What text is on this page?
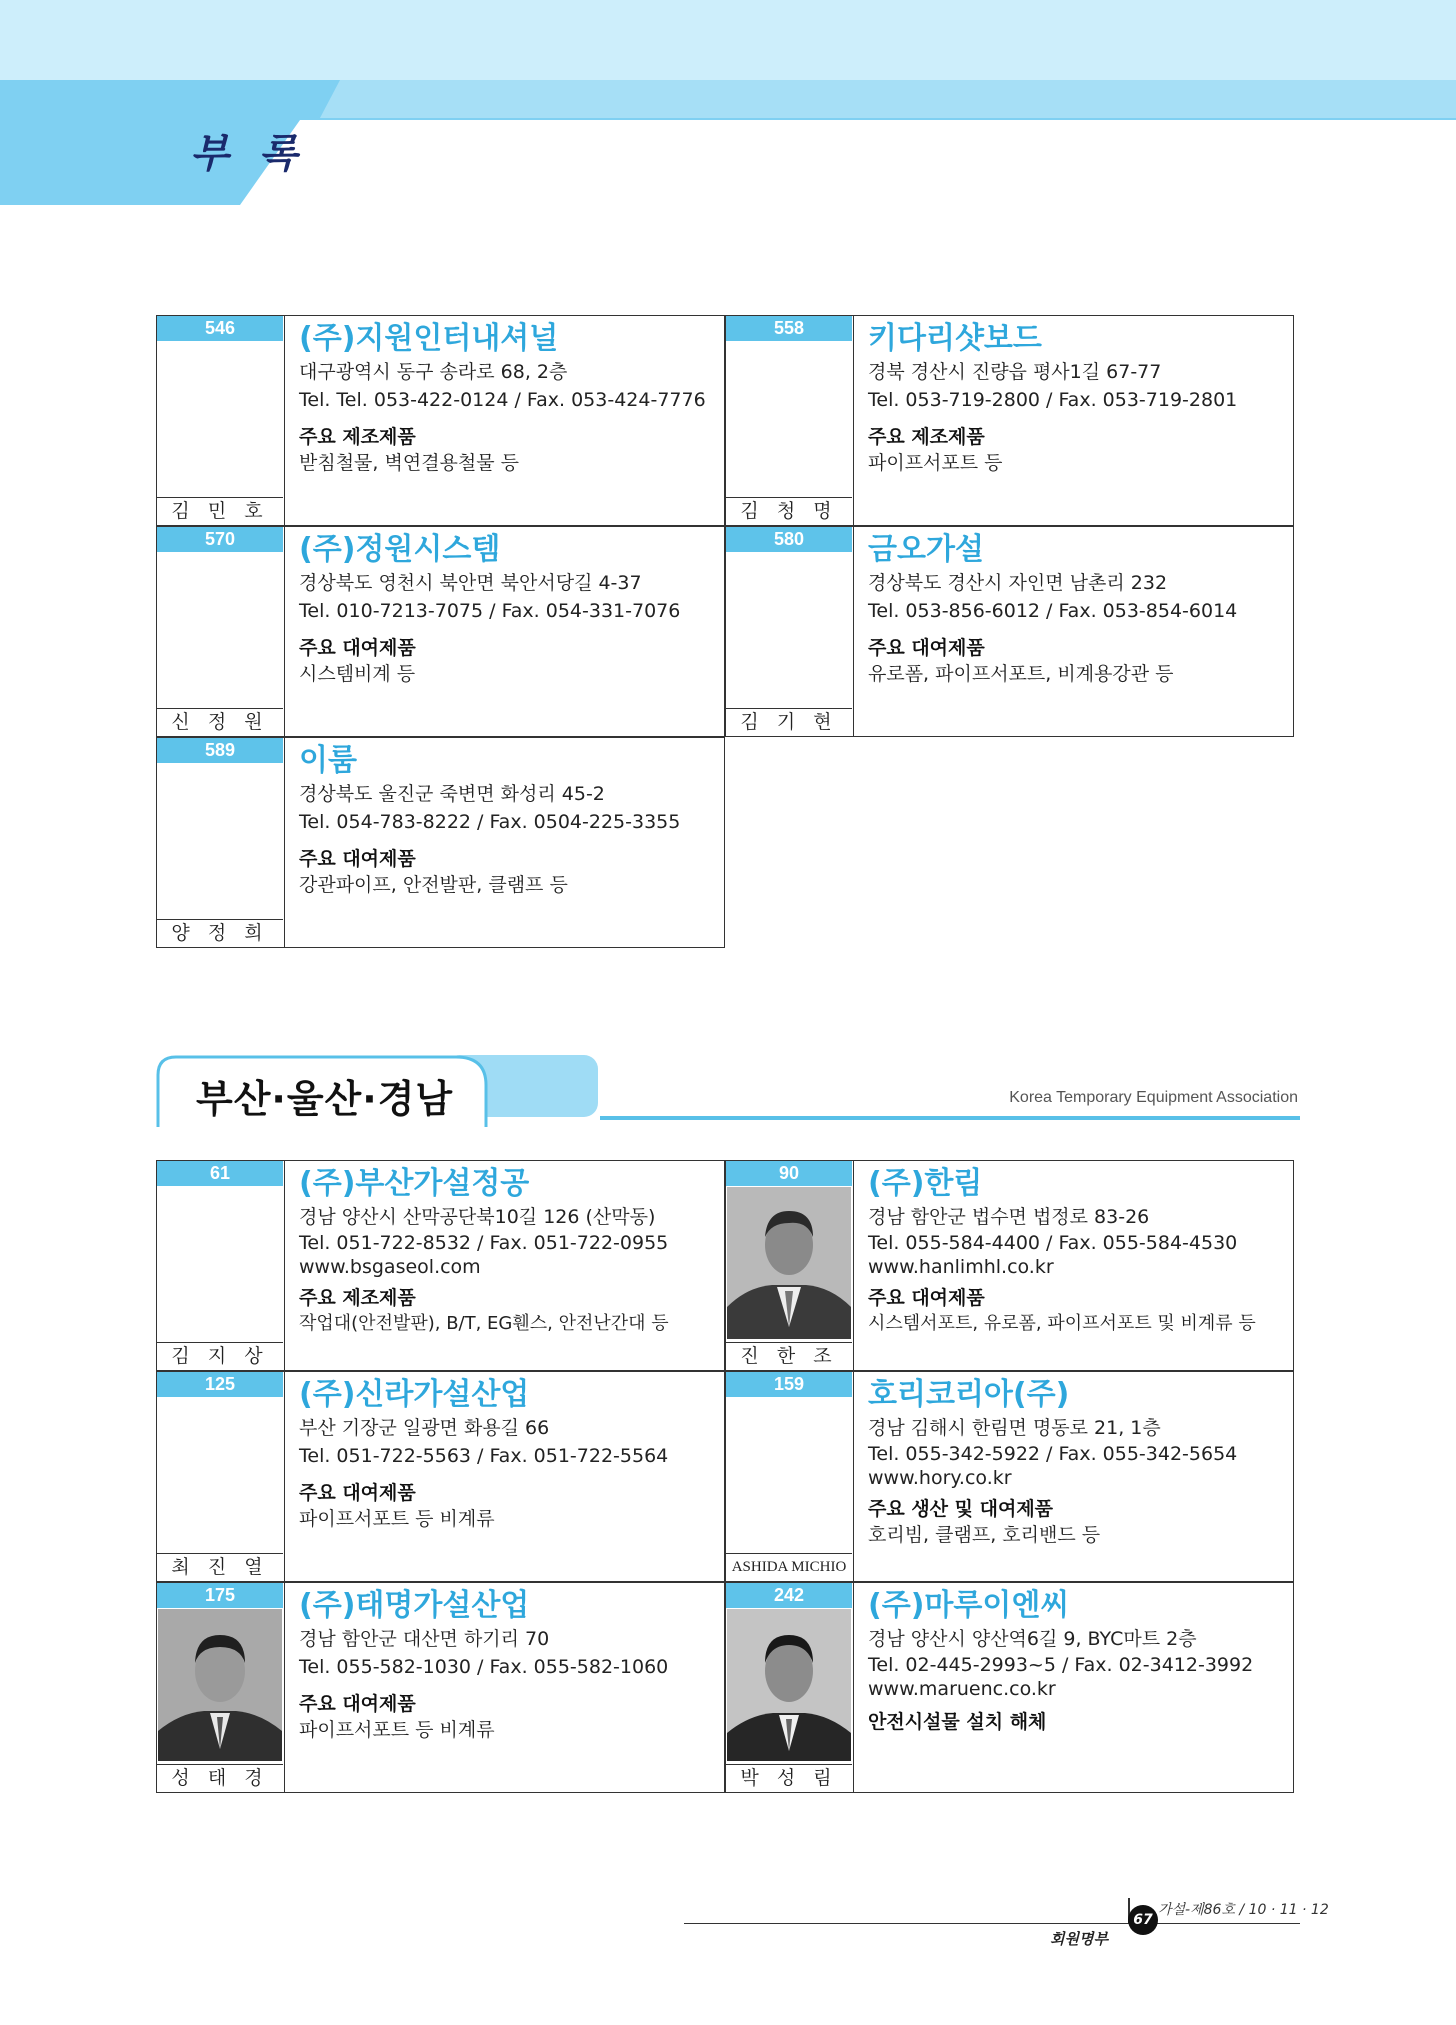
부 록
546
김 민 호
(주)지원인터내셔널
대구광역시 동구 송라로 68, 2층
Tel. Tel. 053-422-0124 / Fax. 053-424-7776
주요 제조제품
받침철물, 벽연결용철물 등
558
김 청 명
키다리샷보드
경북 경산시 진량읍 평사1길 67-77
Tel. 053-719-2800 / Fax. 053-719-2801
주요 제조제품
파이프서포트 등
570
신 정 원
(주)정원시스템
경상북도 영천시 북안면 북안서당길 4-37
Tel. 010-7213-7075 / Fax. 054-331-7076
주요 대여제품
시스템비계 등
580
김 기 현
금오가설
경상북도 경산시 자인면 남촌리 232
Tel. 053-856-6012 / Fax. 053-854-6014
주요 대여제품
유로폼, 파이프서포트, 비계용강관 등
589
양 정 희
이룸
경상북도 울진군 죽변면 화성리 45-2
Tel. 054-783-8222 / Fax. 0504-225-3355
주요 대여제품
강관파이프, 안전발판, 클램프 등
부산·울산·경남	Korea Temporary Equipment Association
61
김 지 상
(주)부산가설정공
경남 양산시 산막공단북10길 126 (산막동)
Tel. 051-722-8532 / Fax. 051-722-0955
www.bsgaseol.com
주요 제조제품
작업대(안전발판), B/T, EG휀스, 안전난간대 등
90
진 한 조
(주)한림
경남 함안군 법수면 법정로 83-26
Tel. 055-584-4400 / Fax. 055-584-4530
www.hanlimhl.co.kr
주요 대여제품
시스템서포트, 유로폼, 파이프서포트 및 비계류 등
125
최 진 열
(주)신라가설산업
부산 기장군 일광면 화용길 66
Tel. 051-722-5563 / Fax. 051-722-5564
주요 대여제품
파이프서포트 등 비계류
159
ASHIDA MICHIO
호리코리아(주)
경남 김해시 한림면 명동로 21, 1층
Tel. 055-342-5922 / Fax. 055-342-5654
www.hory.co.kr
주요 생산 및 대여제품
호리빔, 클램프, 호리밴드 등
175
성 태 경
(주)태명가설산업
경남 함안군 대산면 하기리 70
Tel. 055-582-1030 / Fax. 055-582-1060
주요 대여제품
파이프서포트 등 비계류
242
박 성 림
(주)마루이엔씨
경남 양산시 양산역6길 9, BYC마트 2층
Tel. 02-445-2993~5 / Fax. 02-3412-3992
www.maruenc.co.kr
안전시설물 설치 해체
67
가설-제86호 / 10 · 11 · 12
회원명부
